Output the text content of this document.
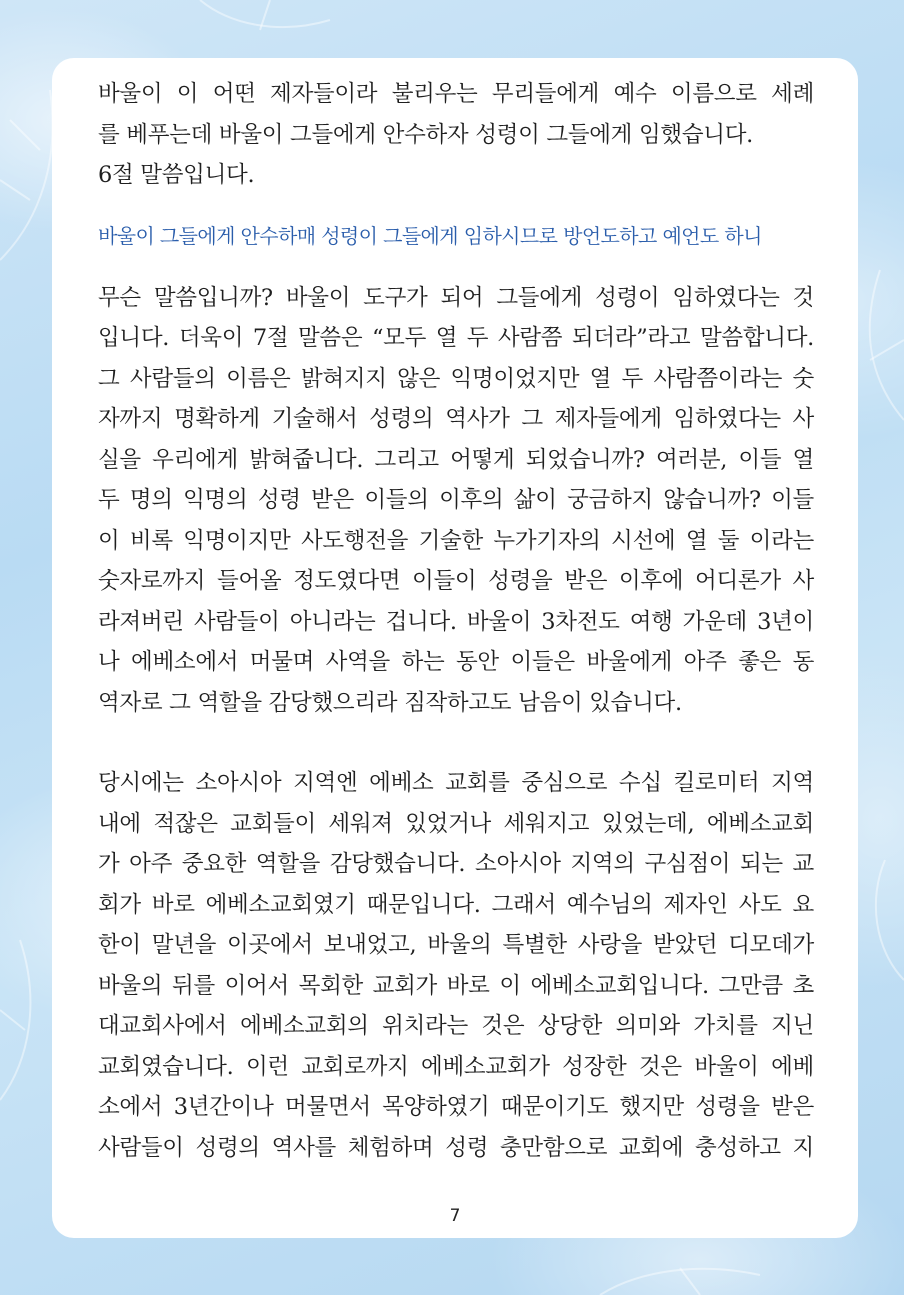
바울이 이 어떤 제자들이라 불리우는 무리들에게 예수 이름으로 세례
를 베푸는데 바울이 그들에게 안수하자 성령이 그들에게 임했습니다.
6절 말씀입니다.
바울이 그들에게 안수하매 성령이 그들에게 임하시므로 방언도하고 예언도 하니
무슨 말씀입니까? 바울이 도구가 되어 그들에게 성령이 임하였다는 것
입니다. 더욱이 7절 말씀은 “모두 열 두 사람쯤 되더라”라고 말씀합니다.
그 사람들의 이름은 밝혀지지 않은 익명이었지만 열 두 사람쯤이라는 숫
자까지 명확하게 기술해서 성령의 역사가 그 제자들에게 임하였다는 사
실을 우리에게 밝혀줍니다. 그리고 어떻게 되었습니까? 여러분, 이들 열
두 명의 익명의 성령 받은 이들의 이후의 삶이 궁금하지 않습니까? 이들
이 비록 익명이지만 사도행전을 기술한 누가기자의 시선에 열 둘 이라는
숫자로까지 들어올 정도였다면 이들이 성령을 받은 이후에 어디론가 사
라져버린 사람들이 아니라는 겁니다. 바울이 3차전도 여행 가운데 3년이
나 에베소에서 머물며 사역을 하는 동안 이들은 바울에게 아주 좋은 동
역자로 그 역할을 감당했으리라 짐작하고도 남음이 있습니다.
당시에는 소아시아 지역엔 에베소 교회를 중심으로 수십 킬로미터 지역
내에 적잖은 교회들이 세워져 있었거나 세워지고 있었는데, 에베소교회
가 아주 중요한 역할을 감당했습니다. 소아시아 지역의 구심점이 되는 교
회가 바로 에베소교회였기 때문입니다. 그래서 예수님의 제자인 사도 요
한이 말년을 이곳에서 보내었고, 바울의 특별한 사랑을 받았던 디모데가
바울의 뒤를 이어서 목회한 교회가 바로 이 에베소교회입니다. 그만큼 초
대교회사에서 에베소교회의 위치라는 것은 상당한 의미와 가치를 지닌
교회였습니다. 이런 교회로까지 에베소교회가 성장한 것은 바울이 에베
소에서 3년간이나 머물면서 목양하였기 때문이기도 했지만 성령을 받은
사람들이 성령의 역사를 체험하며 성령 충만함으로 교회에 충성하고 지
7
